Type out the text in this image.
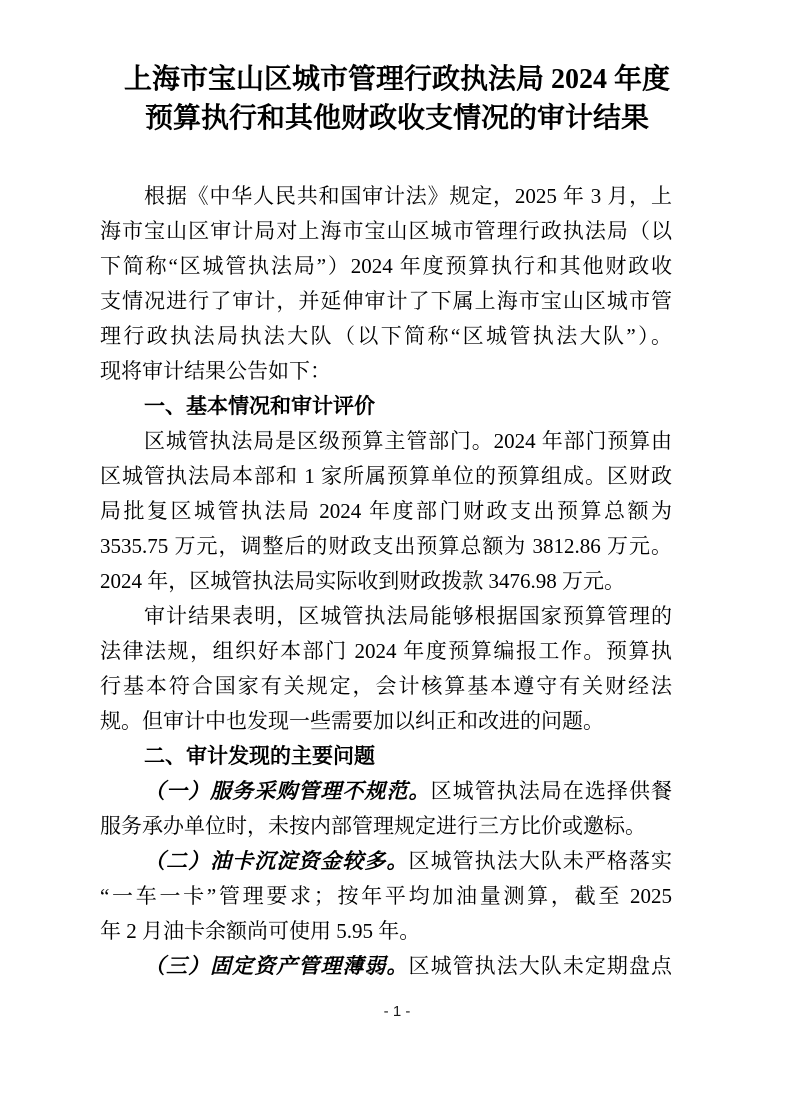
上海市宝山区城市管理行政执法局 2024 年度
预算执行和其他财政收支情况的审计结果
根据《中华人民共和国审计法》规定，2025 年 3 月，上
海市宝山区审计局对上海市宝山区城市管理行政执法局（以
下简称“区城管执法局”）2024 年度预算执行和其他财政收
支情况进行了审计，并延伸审计了下属上海市宝山区城市管
理行政执法局执法大队（以下简称“区城管执法大队”）。
现将审计结果公告如下：
一、基本情况和审计评价
区城管执法局是区级预算主管部门。2024 年部门预算由
区城管执法局本部和 1 家所属预算单位的预算组成。区财政
局批复区城管执法局 2024 年度部门财政支出预算总额为
3535.75 万元，调整后的财政支出预算总额为 3812.86 万元。
2024 年，区城管执法局实际收到财政拨款 3476.98 万元。
审计结果表明，区城管执法局能够根据国家预算管理的
法律法规，组织好本部门 2024 年度预算编报工作。预算执
行基本符合国家有关规定，会计核算基本遵守有关财经法
规。但审计中也发现一些需要加以纠正和改进的问题。
二、审计发现的主要问题
（一）服务采购管理不规范。区城管执法局在选择供餐
服务承办单位时，未按内部管理规定进行三方比价或邀标。
（二）油卡沉淀资金较多。区城管执法大队未严格落实
“一车一卡”管理要求；按年平均加油量测算，截至 2025
年 2 月油卡余额尚可使用 5.95 年。
（三）固定资产管理薄弱。区城管执法大队未定期盘点
- 1 -
